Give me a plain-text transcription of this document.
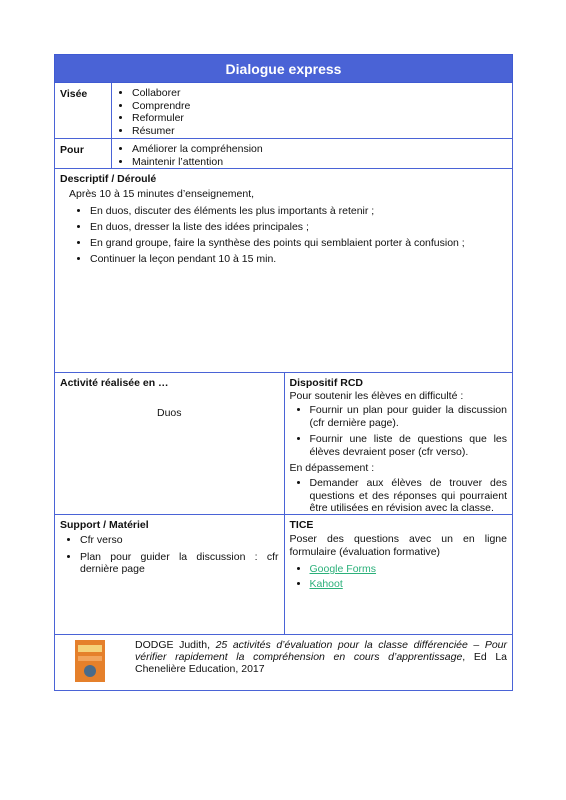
Dialogue express
Visée	• Collaborer
• Comprendre
• Reformuler
• Résumer
Pour	• Améliorer la compréhension
• Maintenir l’attention
Descriptif / Déroulé
Après 10 à 15 minutes d’enseignement,
• En duos, discuter des éléments les plus importants à retenir ;
• En duos, dresser la liste des idées principales ;
• En grand groupe, faire la synthèse des points qui semblaient porter à confusion ;
• Continuer la leçon pendant 10 à 15 min.
Activité réalisée en …
Duos
Dispositif RCD
Pour soutenir les élèves en difficulté :
• Fournir un plan pour guider la discussion (cfr dernière page).
• Fournir une liste de questions que les élèves devraient poser (cfr verso).
En dépassement :
• Demander aux élèves de trouver des questions et des réponses qui pourraient être utilisées en révision avec la classe.
Support / Matériel
• Cfr verso
• Plan pour guider la discussion : cfr dernière page
TICE
Poser des questions avec un en ligne formulaire (évaluation formative)
• Google Forms
• Kahoot
DODGE Judith, 25 activités d’évaluation pour la classe différenciée – Pour vérifier rapidement la compréhension en cours d’apprentissage, Ed La Chenelière Education, 2017
